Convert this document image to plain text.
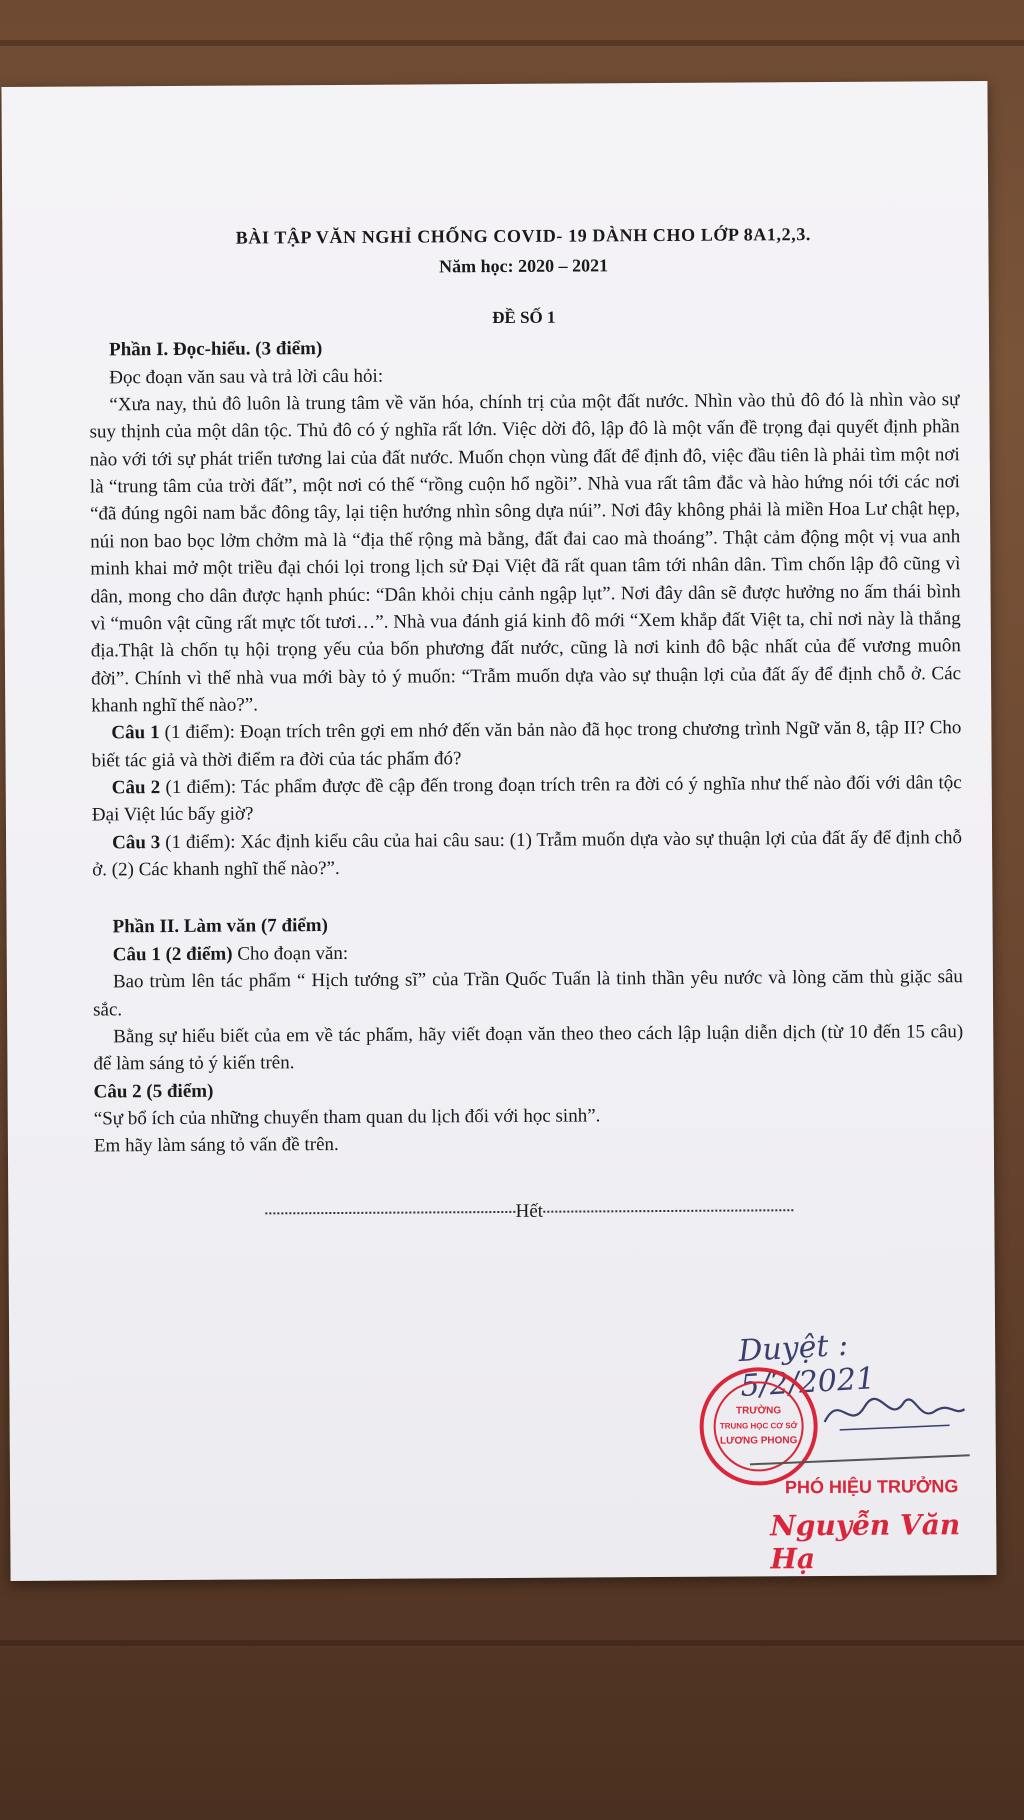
BÀI TẬP VĂN NGHỈ CHỐNG COVID- 19 DÀNH CHO LỚP 8A1,2,3.
Năm học: 2020 – 2021
ĐỀ SỐ 1
Phần I. Đọc-hiểu. (3 điểm)

Đọc đoạn văn sau và trả lời câu hỏi:

“Xưa nay, thủ đô luôn là trung tâm về văn hóa, chính trị của một đất nước. Nhìn vào thủ đô đó là nhìn vào sự suy thịnh của một dân tộc. Thủ đô có ý nghĩa rất lớn. Việc dời đô, lập đô là một vấn đề trọng đại quyết định phần nào với tới sự phát triển tương lai của đất nước. Muốn chọn vùng đất để định đô, việc đầu tiên là phải tìm một nơi là “trung tâm của trời đất”, một nơi có thế “rồng cuộn hổ ngồi”. Nhà vua rất tâm đắc và hào hứng nói tới các nơi “đã đúng ngôi nam bắc đông tây, lại tiện hướng nhìn sông dựa núi”. Nơi đây không phải là miền Hoa Lư chật hẹp, núi non bao bọc lởm chởm mà là “địa thế rộng mà bằng, đất đai cao mà thoáng”. Thật cảm động một vị vua anh minh khai mở một triều đại chói lọi trong lịch sử Đại Việt đã rất quan tâm tới nhân dân. Tìm chốn lập đô cũng vì dân, mong cho dân được hạnh phúc: “Dân khỏi chịu cảnh ngập lụt”. Nơi đây dân sẽ được hưởng no ấm thái bình vì “muôn vật cũng rất mực tốt tươi…”. Nhà vua đánh giá kinh đô mới “Xem khắp đất Việt ta, chỉ nơi này là thắng địa.Thật là chốn tụ hội trọng yếu của bốn phương đất nước, cũng là nơi kinh đô bậc nhất của đế vương muôn đời”. Chính vì thế nhà vua mới bày tỏ ý muốn: “Trẫm muốn dựa vào sự thuận lợi của đất ấy để định chỗ ở. Các khanh nghĩ thế nào?”.

Câu 1 (1 điểm): Đoạn trích trên gợi em nhớ đến văn bản nào đã học trong chương trình Ngữ văn 8, tập II? Cho biết tác giả và thời điểm ra đời của tác phẩm đó?

Câu 2 (1 điểm): Tác phẩm được đề cập đến trong đoạn trích trên ra đời có ý nghĩa như thế nào đối với dân tộc Đại Việt lúc bấy giờ?

Câu 3 (1 điểm): Xác định kiểu câu của hai câu sau: (1) Trẫm muốn dựa vào sự thuận lợi của đất ấy để định chỗ ở. (2) Các khanh nghĩ thế nào?”.

Phần II. Làm văn (7 điểm)

Câu 1 (2 điểm) Cho đoạn văn:

Bao trùm lên tác phẩm “ Hịch tướng sĩ” của Trần Quốc Tuấn là tinh thần yêu nước và lòng căm thù giặc sâu sắc.

Bằng sự hiểu biết của em về tác phẩm, hãy viết đoạn văn theo theo cách lập luận diễn dịch (từ 10 đến 15 câu) để làm sáng tỏ ý kiến trên.

Câu 2 (5 điểm)

“Sự bổ ích của những chuyến tham quan du lịch đối với học sinh”.

Em hãy làm sáng tỏ vấn đề trên.

Hết
Duyệt : 5/2/2021
TRƯỜNG
TRUNG HỌC CƠ SỞ
LƯƠNG PHONG
PHÓ HIỆU TRƯỞNG
Nguyễn Văn Hạ
